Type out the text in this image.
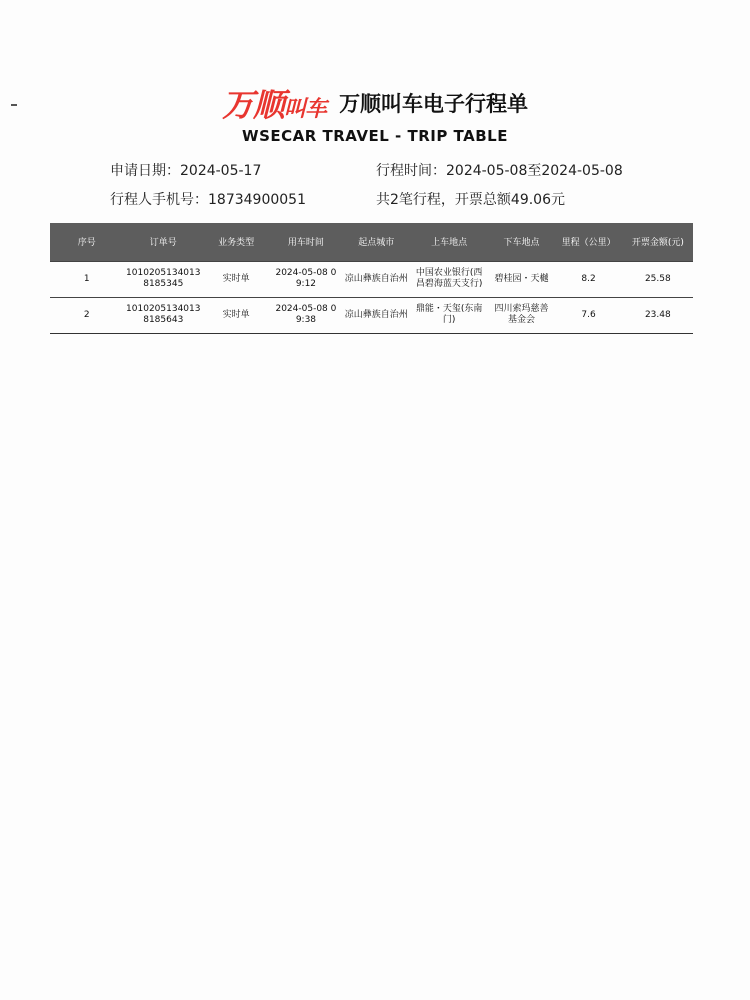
万顺叫车 万顺叫车电子行程单
WSECAR TRAVEL - TRIP TABLE
申请日期：2024-05-17	行程时间：2024-05-08至2024-05-08
行程人手机号：18734900051	共2笔行程，开票总额49.06元
序号	订单号	业务类型	用车时间	起点城市	上车地点	下车地点	里程（公里）	开票金额(元)
1	10102051340138185345	实时单	2024-05-08 09:12	凉山彝族自治州	中国农业银行(西昌碧海蓝天支行)	碧桂园・天樾	8.2	25.58
2	10102051340138185643	实时单	2024-05-08 09:38	凉山彝族自治州	鼎能・天玺(东南门)	四川索玛慈善基金会	7.6	23.48
